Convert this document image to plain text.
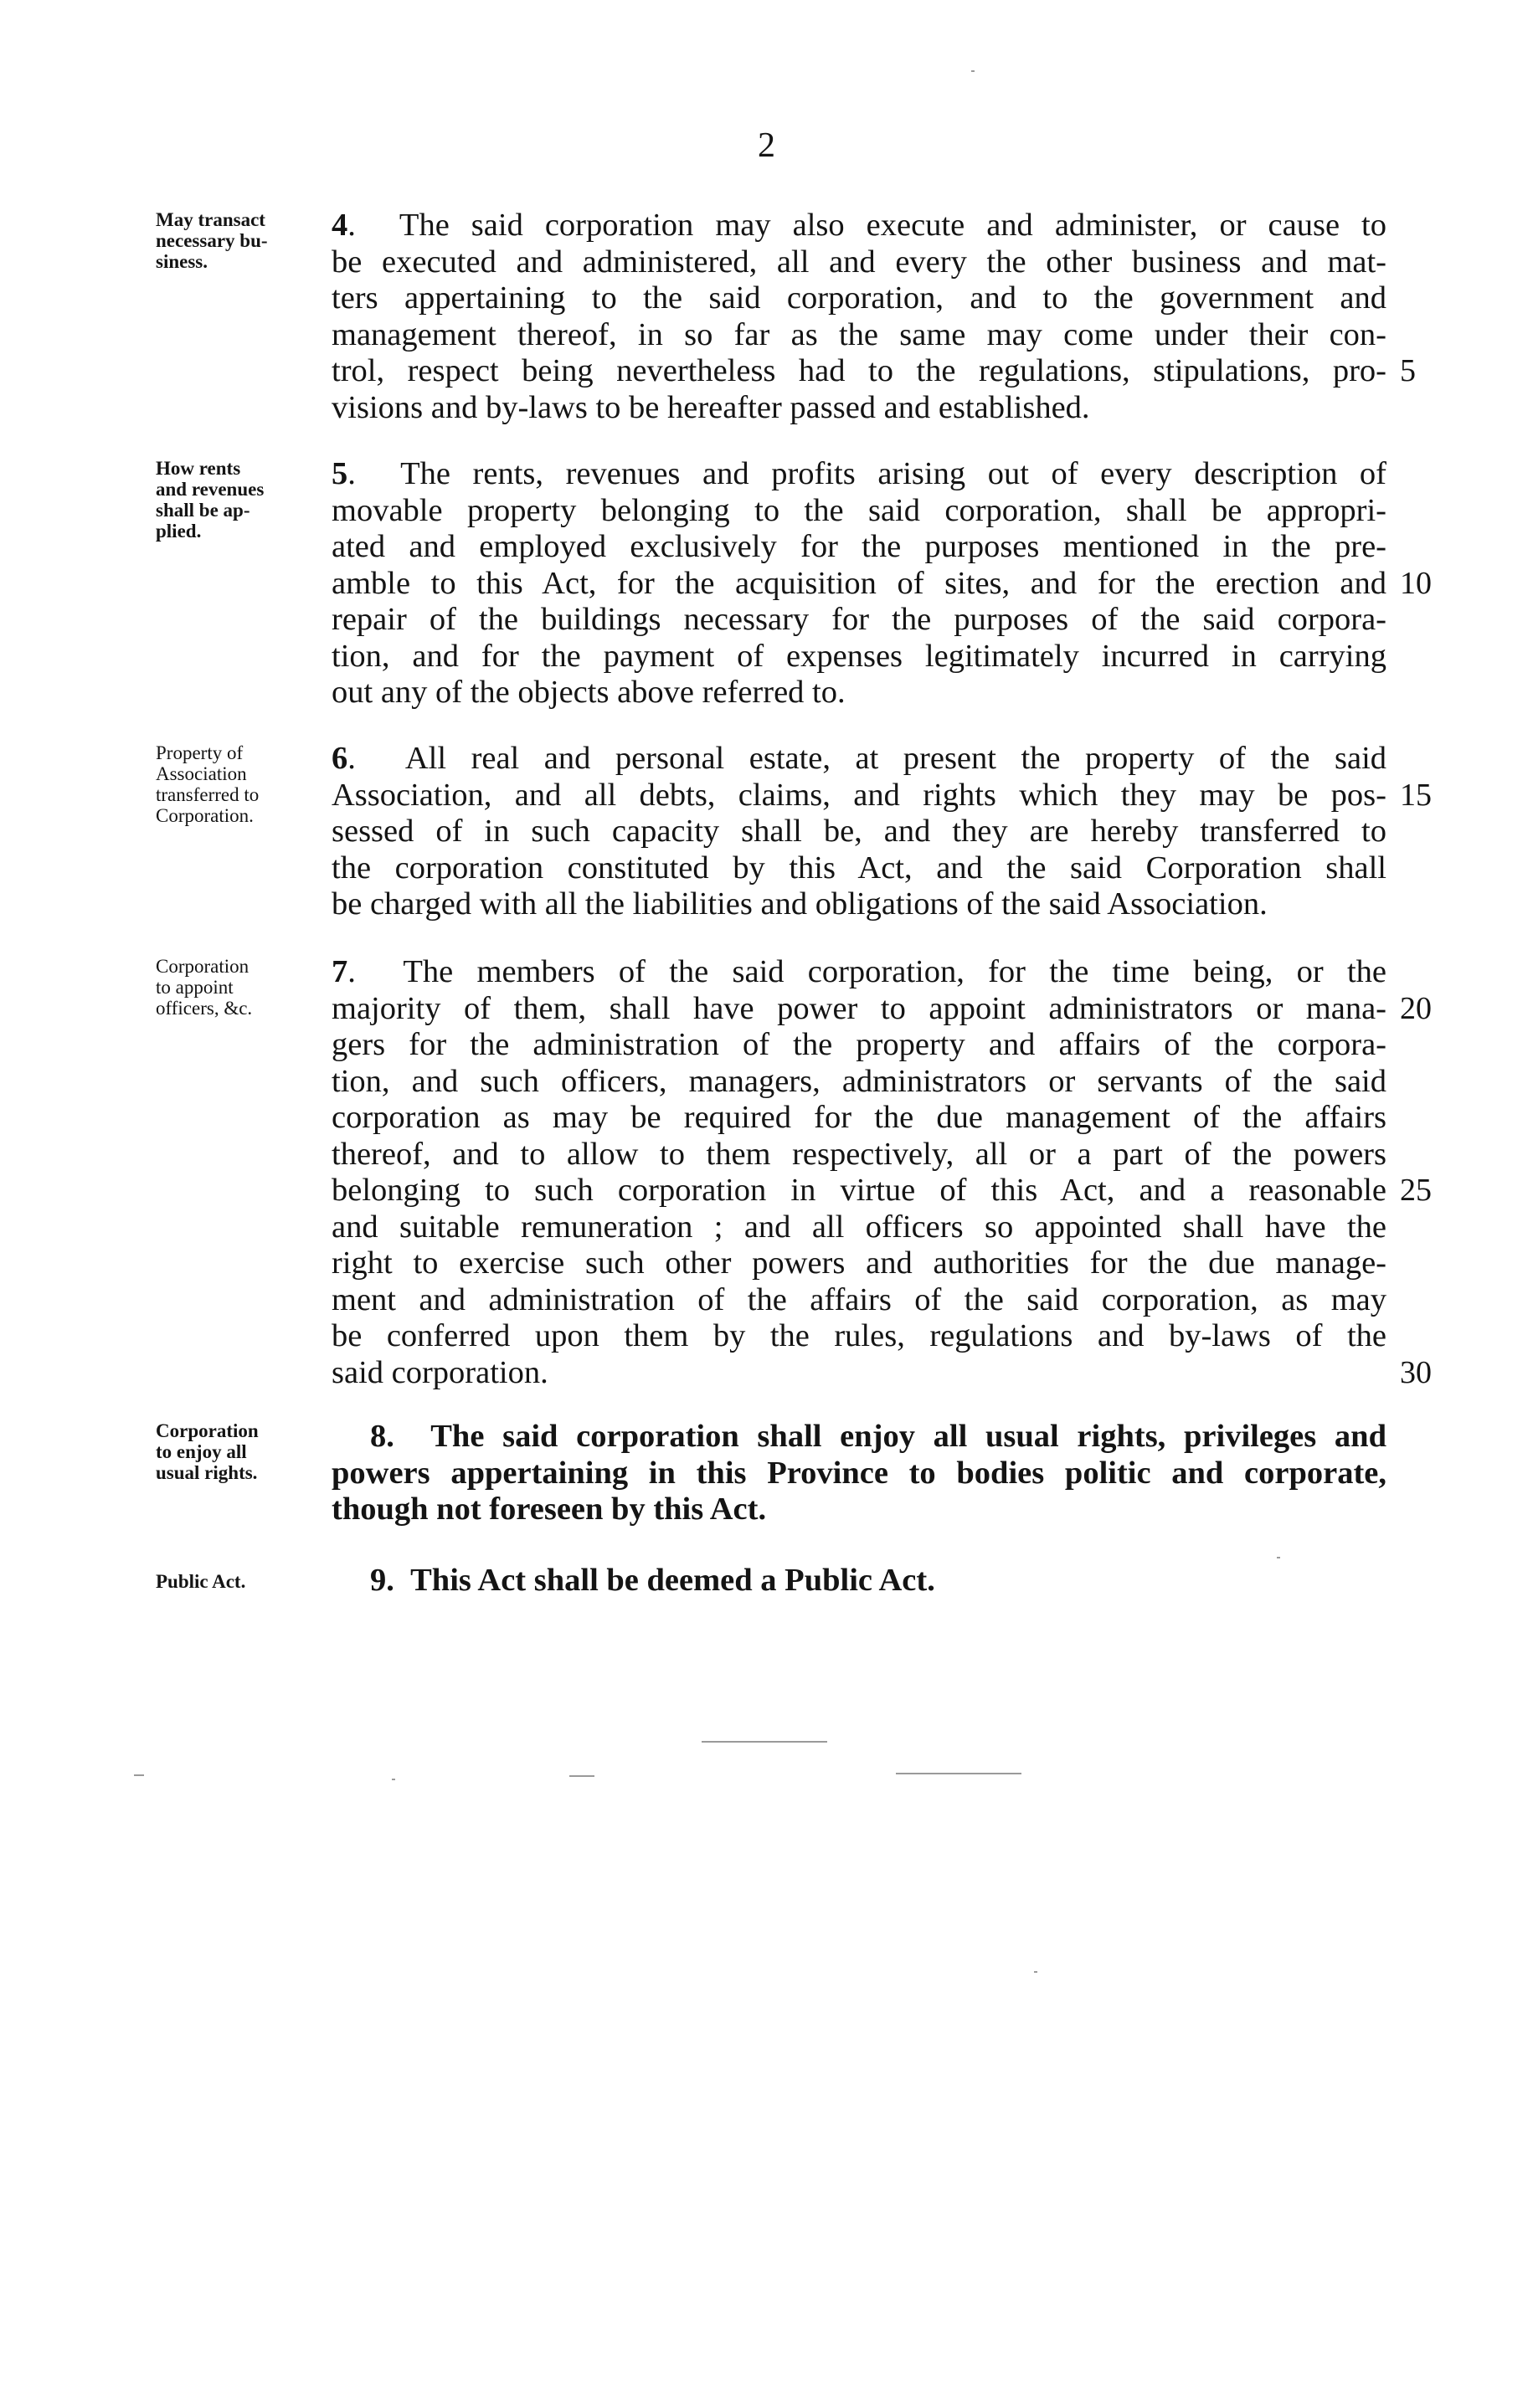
2
May transact
necessary bu-
siness.
4.  The said corporation may also execute and administer, or cause to
be executed and administered, all and every the other business and mat-
ters appertaining to the said corporation, and to the government and
management thereof, in so far as the same may come under their con-
trol, respect being nevertheless had to the regulations, stipulations, pro-
visions and by-laws to be hereafter passed and established.
5
How rents
and revenues
shall be ap-
plied.
5.  The rents, revenues and profits arising out of every description of
movable property belonging to the said corporation, shall be appropri-
ated and employed exclusively for the purposes mentioned in the pre-
amble to this Act, for the acquisition of sites, and for the erection and
repair of the buildings necessary for the purposes of the said corpora-
tion, and for the payment of expenses legitimately incurred in carrying
out any of the objects above referred to.
10
Property of
Association
transferred to
Corporation.
6.  All real and personal estate, at present the property of the said
Association, and all debts, claims, and rights which they may be pos-
sessed of in such capacity shall be, and they are hereby transferred to
the corporation constituted by this Act, and the said Corporation shall
be charged with all the liabilities and obligations of the said Association.
15
Corporation
to appoint
officers, &c.
7.  The members of the said corporation, for the time being, or the
majority of them, shall have power to appoint administrators or mana-
gers for the administration of the property and affairs of the corpora-
tion, and such officers, managers, administrators or servants of the said
corporation as may be required for the due management of the affairs
thereof, and to allow to them respectively, all or a part of the powers
belonging to such corporation in virtue of this Act, and a reasonable
and suitable remuneration ; and all officers so appointed shall have the
right to exercise such other powers and authorities for the due manage-
ment and administration of the affairs of the said corporation, as may
be conferred upon them by the rules, regulations and by-laws of the
said corporation.
20
25
30
Corporation
to enjoy all
usual rights.
8.  The said corporation shall enjoy all usual rights, privileges and
powers appertaining in this Province to bodies politic and corporate,
though not foreseen by this Act.
Public Act.	9.  This Act shall be deemed a Public Act.
